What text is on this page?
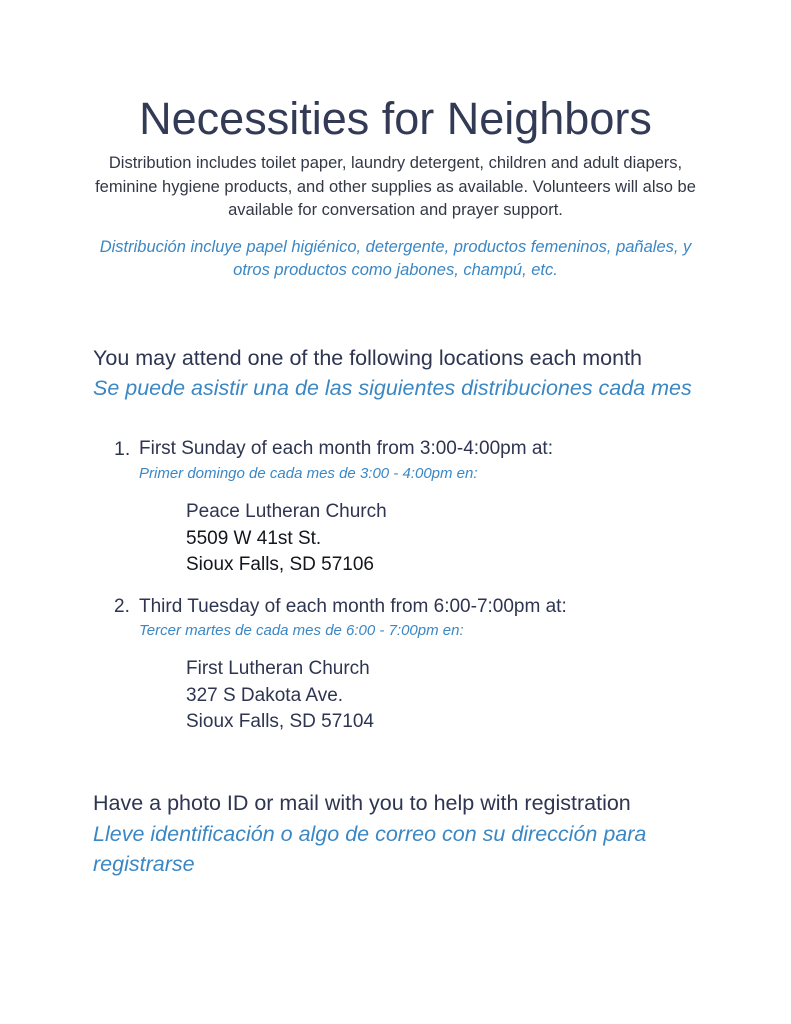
Necessities for Neighbors

Distribution includes toilet paper, laundry detergent, children and adult diapers, feminine hygiene products, and other supplies as available. Volunteers will also be available for conversation and prayer support.

Distribución incluye papel higiénico, detergente, productos femeninos, pañales, y otros productos como jabones, champú, etc.

You may attend one of the following locations each month

Se puede asistir una de las siguientes distribuciones cada mes

1. First Sunday of each month from 3:00-4:00pm at:
Primer domingo de cada mes de 3:00 - 4:00pm en:
Peace Lutheran Church
5509 W 41st St.
Sioux Falls, SD 57106
2. Third Tuesday of each month from 6:00-7:00pm at:
Tercer martes de cada mes de 6:00 - 7:00pm en:
First Lutheran Church
327 S Dakota Ave.
Sioux Falls, SD 57104

Have a photo ID or mail with you to help with registration

Lleve identificación o algo de correo con su dirección para registrarse
